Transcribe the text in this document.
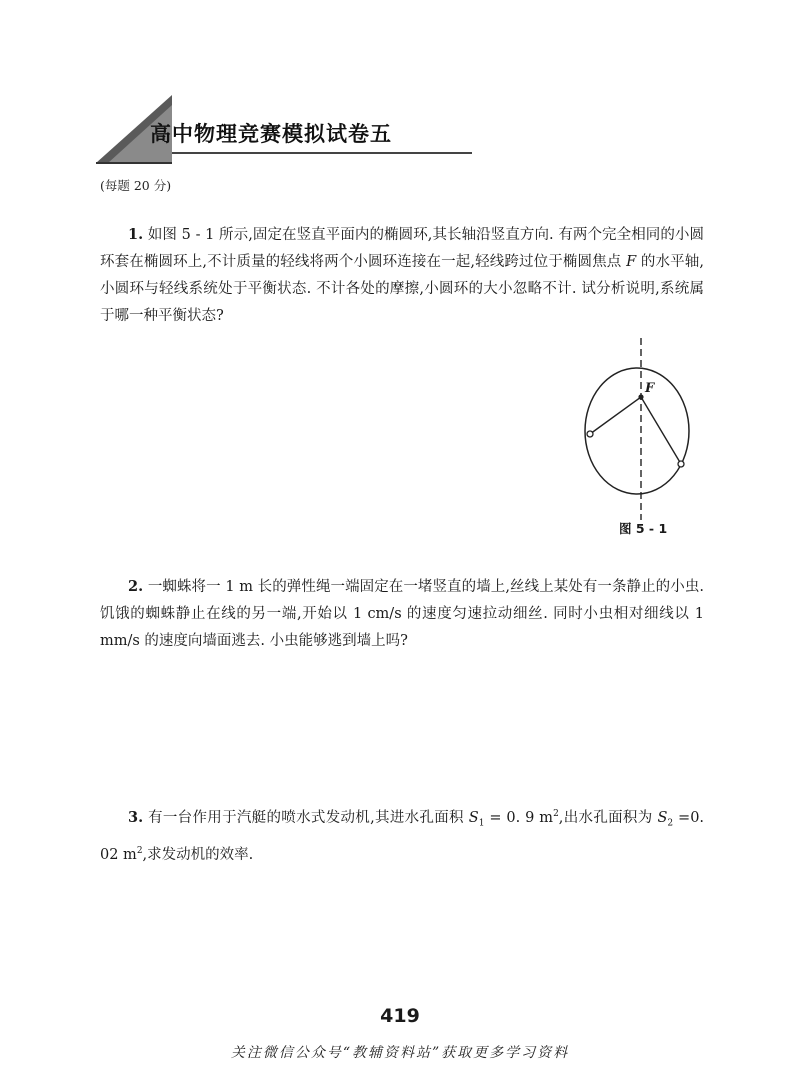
高中物理竞赛模拟试卷五
(每题 20 分)

1. 如图 5 - 1 所示,固定在竖直平面内的椭圆环,其长轴沿竖直方向. 有两个完全相同的小圆环套在椭圆环上,不计质量的轻线将两个小圆环连接在一起,轻线跨过位于椭圆焦点 F 的水平轴,小圆环与轻线系统处于平衡状态. 不计各处的摩擦,小圆环的大小忽略不计. 试分析说明,系统属于哪一种平衡状态?

F
图 5 - 1

2. 一蜘蛛将一 1 m 长的弹性绳一端固定在一堵竖直的墙上,丝线上某处有一条静止的小虫. 饥饿的蜘蛛静止在线的另一端,开始以 1 cm/s 的速度匀速拉动细丝. 同时小虫相对细线以 1 mm/s 的速度向墙面逃去. 小虫能够逃到墙上吗?

3. 有一台作用于汽艇的喷水式发动机,其进水孔面积 $S_1 = 0$. 9 $m^2$,出水孔面积为 $S_2 =0$. 02 $m^2$,求发动机的效率.

419
关注微信公众号“教辅资料站”获取更多学习资料
